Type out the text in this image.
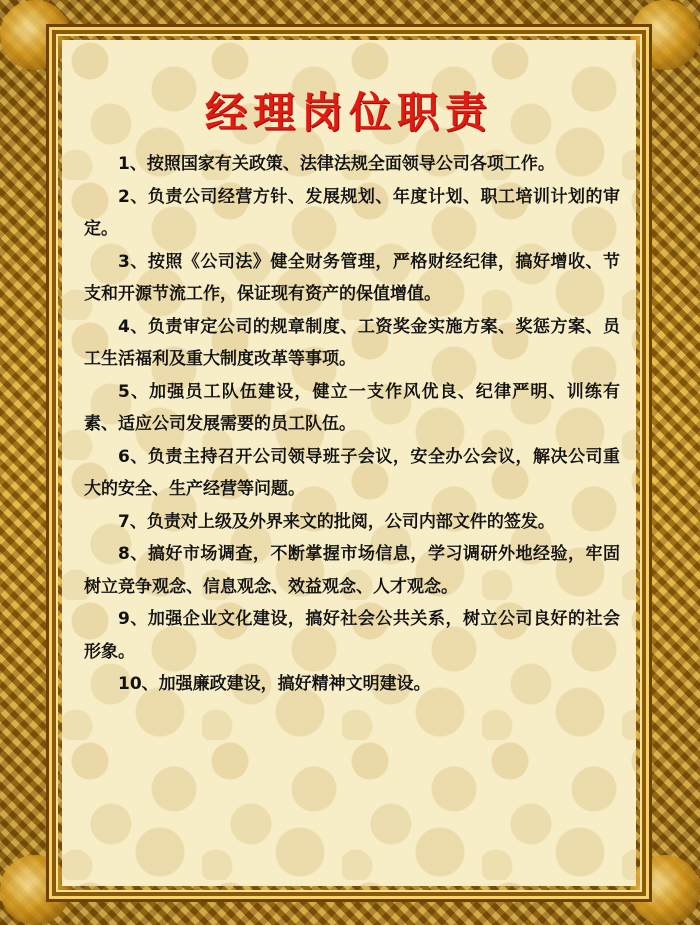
经理岗位职责
1、按照国家有关政策、法律法规全面领导公司各项工作。
2、负责公司经营方针、发展规划、年度计划、职工培训计划的审定。
3、按照《公司法》健全财务管理，严格财经纪律，搞好增收、节支和开源节流工作，保证现有资产的保值增值。
4、负责审定公司的规章制度、工资奖金实施方案、奖惩方案、员工生活福利及重大制度改革等事项。
5、加强员工队伍建设，健立一支作风优良、纪律严明、训练有素、适应公司发展需要的员工队伍。
6、负责主持召开公司领导班子会议，安全办公会议，解决公司重大的安全、生产经营等问题。
7、负责对上级及外界来文的批阅，公司内部文件的签发。
8、搞好市场调查，不断掌握市场信息，学习调研外地经验，牢固树立竞争观念、信息观念、效益观念、人才观念。
9、加强企业文化建设，搞好社会公共关系，树立公司良好的社会形象。
10、加强廉政建设，搞好精神文明建设。
